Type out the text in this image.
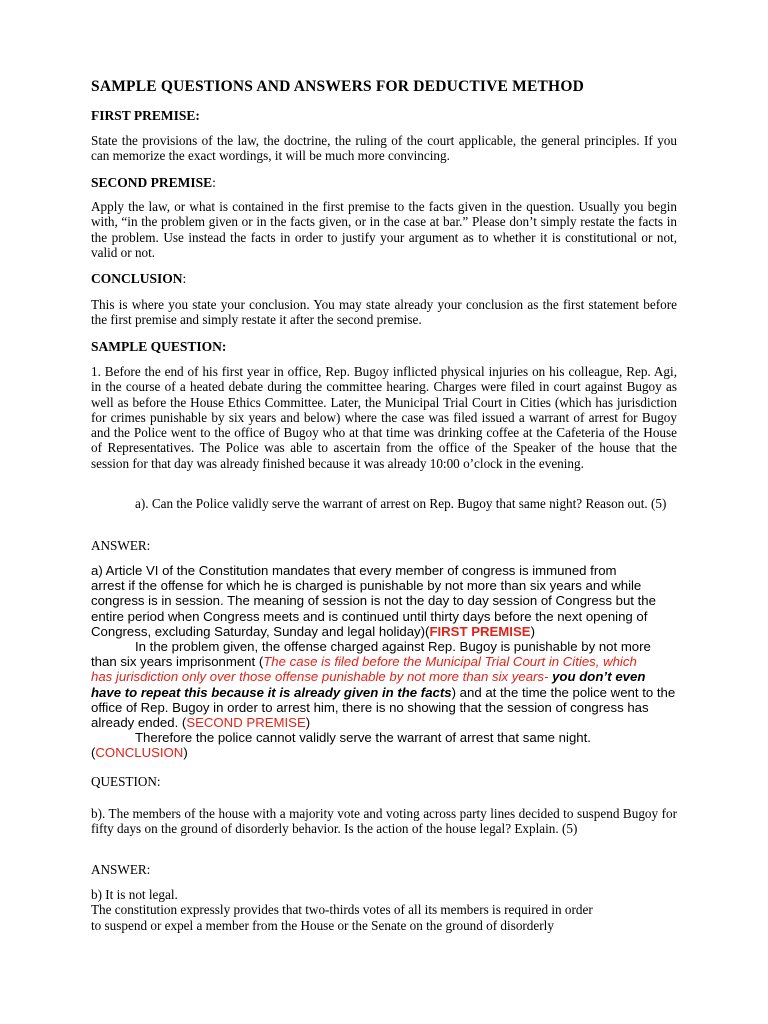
SAMPLE QUESTIONS AND ANSWERS FOR DEDUCTIVE METHOD
FIRST PREMISE:
State the provisions of the law, the doctrine, the ruling of the court applicable, the general principles. If you can memorize the exact wordings, it will be much more convincing.
SECOND PREMISE:
Apply the law, or what is contained in the first premise to the facts given in the question. Usually you begin with, “in the problem given or in the facts given, or in the case at bar.” Please don’t simply restate the facts in the problem. Use instead the facts in order to justify your argument as to whether it is constitutional or not, valid or not.
CONCLUSION:
This is where you state your conclusion. You may state already your conclusion as the first statement before the first premise and simply restate it after the second premise.
SAMPLE QUESTION:
1. Before the end of his first year in office, Rep. Bugoy inflicted physical injuries on his colleague, Rep. Agi, in the course of a heated debate during the committee hearing. Charges were filed in court against Bugoy as well as before the House Ethics Committee. Later, the Municipal Trial Court in Cities (which has jurisdiction for crimes punishable by six years and below) where the case was filed issued a warrant of arrest for Bugoy and the Police went to the office of Bugoy who at that time was drinking coffee at the Cafeteria of the House of Representatives. The Police was able to ascertain from the office of the Speaker of the house that the session for that day was already finished because it was already 10:00 o’clock in the evening.
a). Can the Police validly serve the warrant of arrest on Rep. Bugoy that same night? Reason out. (5)
ANSWER:
a) Article VI of the Constitution mandates that every member of congress is immuned from
arrest if the offense for which he is charged is punishable by not more than six years and while
congress is in session. The meaning of session is not the day to day session of Congress but the
entire period when Congress meets and is continued until thirty days before the next opening of
Congress, excluding Saturday, Sunday and legal holiday)(FIRST PREMISE)
In the problem given, the offense charged against Rep. Bugoy is punishable by not more
than six years imprisonment (The case is filed before the Municipal Trial Court in Cities, which
has jurisdiction only over those offense punishable by not more than six years- you don’t even
have to repeat this because it is already given in the facts) and at the time the police went to the
office of Rep. Bugoy in order to arrest him, there is no showing that the session of congress has
already ended. (SECOND PREMISE)
Therefore the police cannot validly serve the warrant of arrest that same night.
(CONCLUSION)
QUESTION:
b). The members of the house with a majority vote and voting across party lines decided to suspend Bugoy for fifty days on the ground of disorderly behavior. Is the action of the house legal? Explain. (5)
ANSWER:
b) It is not legal.
The constitution expressly provides that two-thirds votes of all its members is required in order
to suspend or expel a member from the House or the Senate on the ground of disorderly
